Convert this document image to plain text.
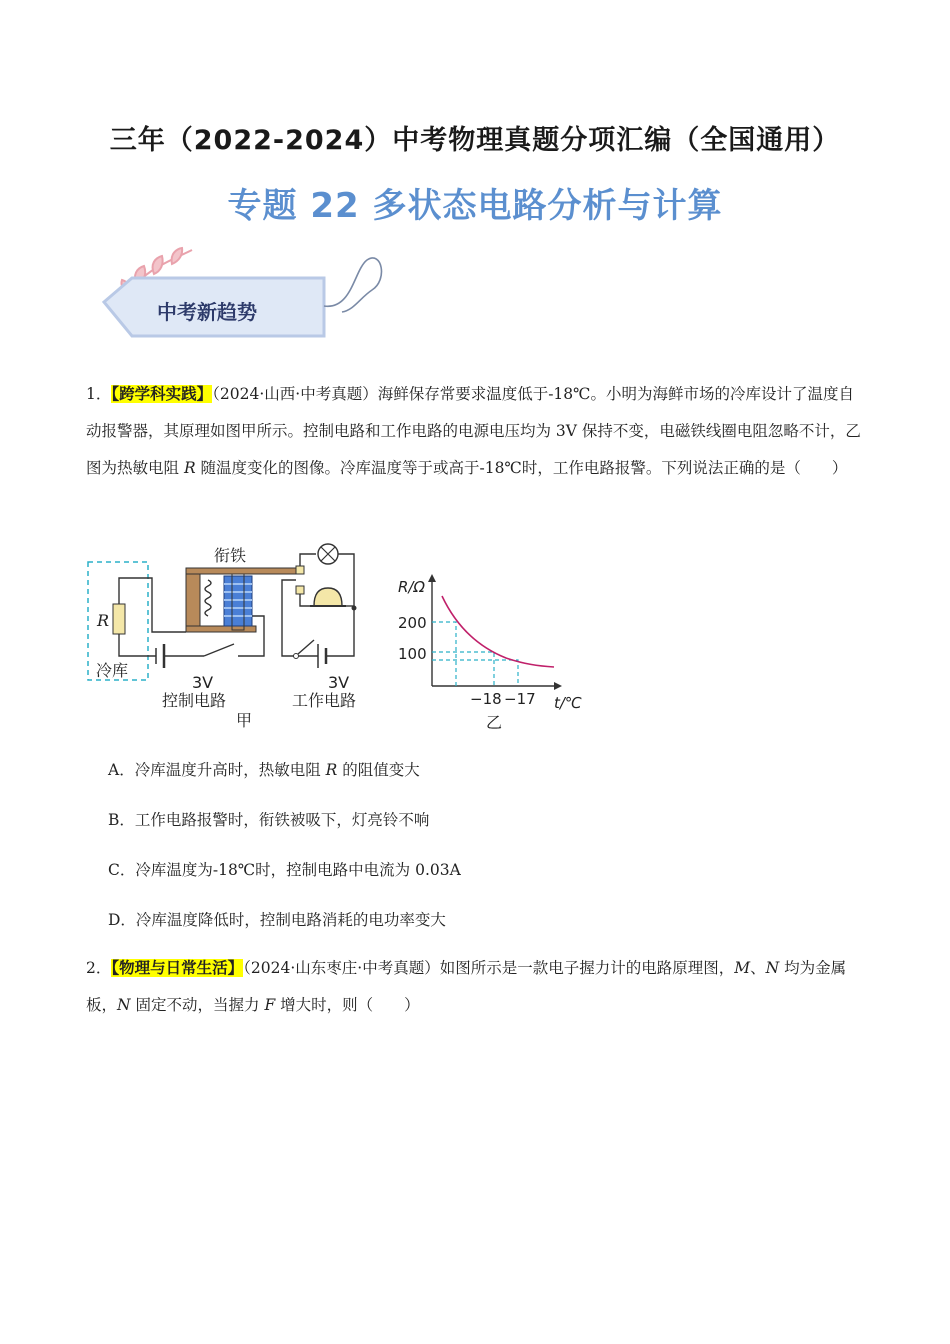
三年（2022-2024）中考物理真题分项汇编（全国通用）
专题 22 多状态电路分析与计算
中考新趋势
1．【跨学科实践】（2024·山西·中考真题）海鲜保存常要求温度低于-18℃。小明为海鲜市场的冷库设计了温度自动报警器，其原理如图甲所示。控制电路和工作电路的电源电压均为 3V 保持不变，电磁铁线圈电阻忽略不计，乙图为热敏电阻 R 随温度变化的图像。冷库温度等于或高于-18℃时，工作电路报警。下列说法正确的是（　　）
R
冷库
衔铁
3V
控制电路
甲
3V
工作电路
R/Ω
t/℃
200
100
−18 −17
乙
A．冷库温度升高时，热敏电阻 R 的阻值变大
B．工作电路报警时，衔铁被吸下，灯亮铃不响
C．冷库温度为-18℃时，控制电路中电流为 0.03A
D．冷库温度降低时，控制电路消耗的电功率变大
2．【物理与日常生活】（2024·山东枣庄·中考真题）如图所示是一款电子握力计的电路原理图，M、N 均为金属板，N 固定不动，当握力 F 增大时，则（　　）
